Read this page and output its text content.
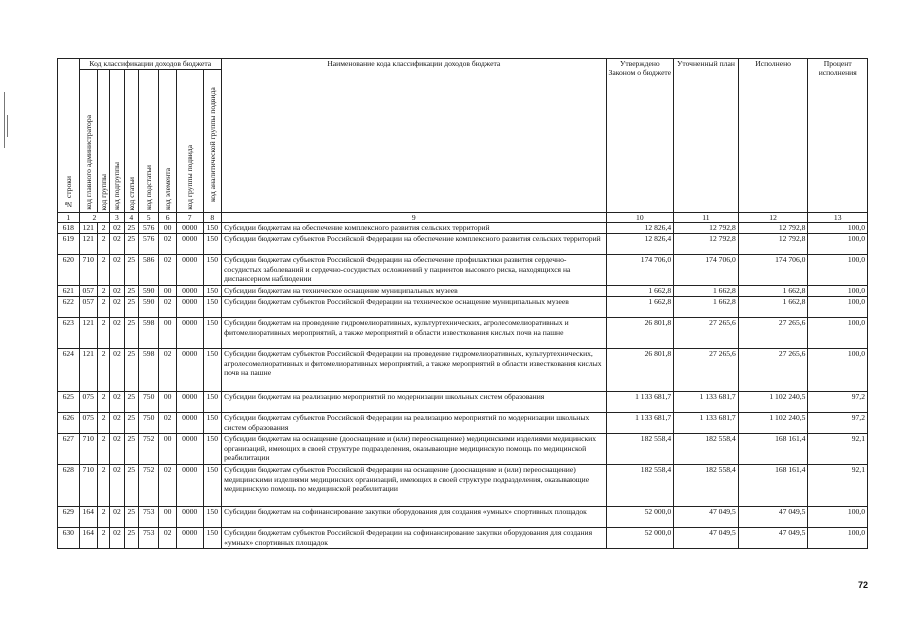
№ строки	Код классификации доходов бюджета								Наименование кода классификации доходов бюджета	Утверждено Законом о бюджете	Уточненный план	Исполнено	Процент исполнения

	код главного администратора	код группы	код подгруппы	код статьи	код подстатьи	код элемента	код группы подвида	код аналитической группы подвида					

1	2		3	4	5	6	7	8	9	10	11	12	13
618	121	2	02	25	576	00	0000	150	Субсидии бюджетам на обеспечение комплексного развития сельских территорий	12 826,4	12 792,8	12 792,8	100,0
619	121	2	02	25	576	02	0000	150	Субсидии бюджетам субъектов Российской Федерации на обеспечение комплексного развития сельских территорий	12 826,4	12 792,8	12 792,8	100,0
620	710	2	02	25	586	02	0000	150	Субсидии бюджетам субъектов Российской Федерации на обеспечение профилактики развития сердечно-сосудистых заболеваний и сердечно-сосудистых осложнений у пациентов высокого риска, находящихся на диспансерном наблюдении	174 706,0	174 706,0	174 706,0	100,0
621	057	2	02	25	590	00	0000	150	Субсидии бюджетам на техническое оснащение муниципальных музеев	1 662,8	1 662,8	1 662,8	100,0
622	057	2	02	25	590	02	0000	150	Субсидии бюджетам субъектов Российской Федерации на техническое оснащение муниципальных музеев	1 662,8	1 662,8	1 662,8	100,0
623	121	2	02	25	598	00	0000	150	Субсидии бюджетам на проведение гидромелиоративных, культуртехнических, агролесомелиоративных и фитомелиоративных мероприятий, а также мероприятий в области известкования кислых почв на пашне	26 801,8	27 265,6	27 265,6	100,0
624	121	2	02	25	598	02	0000	150	Субсидии бюджетам субъектов Российской Федерации на проведение гидромелиоративных, культуртехнических, агролесомелиоративных и фитомелиоративных мероприятий, а также мероприятий в области известкования кислых почв на пашне	26 801,8	27 265,6	27 265,6	100,0
625	075	2	02	25	750	00	0000	150	Субсидии бюджетам на реализацию мероприятий по модернизации школьных систем образования	1 133 681,7	1 133 681,7	1 102 240,5	97,2
626	075	2	02	25	750	02	0000	150	Субсидии бюджетам субъектов Российской Федерации на реализацию мероприятий по модернизации школьных систем образования	1 133 681,7	1 133 681,7	1 102 240,5	97,2
627	710	2	02	25	752	00	0000	150	Субсидии бюджетам на оснащение (дооснащение и (или) переоснащение) медицинскими изделиями медицинских организаций, имеющих в своей структуре подразделения, оказывающие медицинскую помощь по медицинской реабилитации	182 558,4	182 558,4	168 161,4	92,1
628	710	2	02	25	752	02	0000	150	Субсидии бюджетам субъектов Российской Федерации на оснащение (дооснащение и (или) переоснащение) медицинскими изделиями медицинских организаций, имеющих в своей структуре подразделения, оказывающие медицинскую помощь по медицинской реабилитации	182 558,4	182 558,4	168 161,4	92,1
629	164	2	02	25	753	00	0000	150	Субсидии бюджетам на софинансирование закупки оборудования для создания «умных» спортивных площадок	52 000,0	47 049,5	47 049,5	100,0
630	164	2	02	25	753	02	0000	150	Субсидии бюджетам субъектов Российской Федерации на софинансирование закупки оборудования для создания «умных» спортивных площадок	52 000,0	47 049,5	47 049,5	100,0
72
